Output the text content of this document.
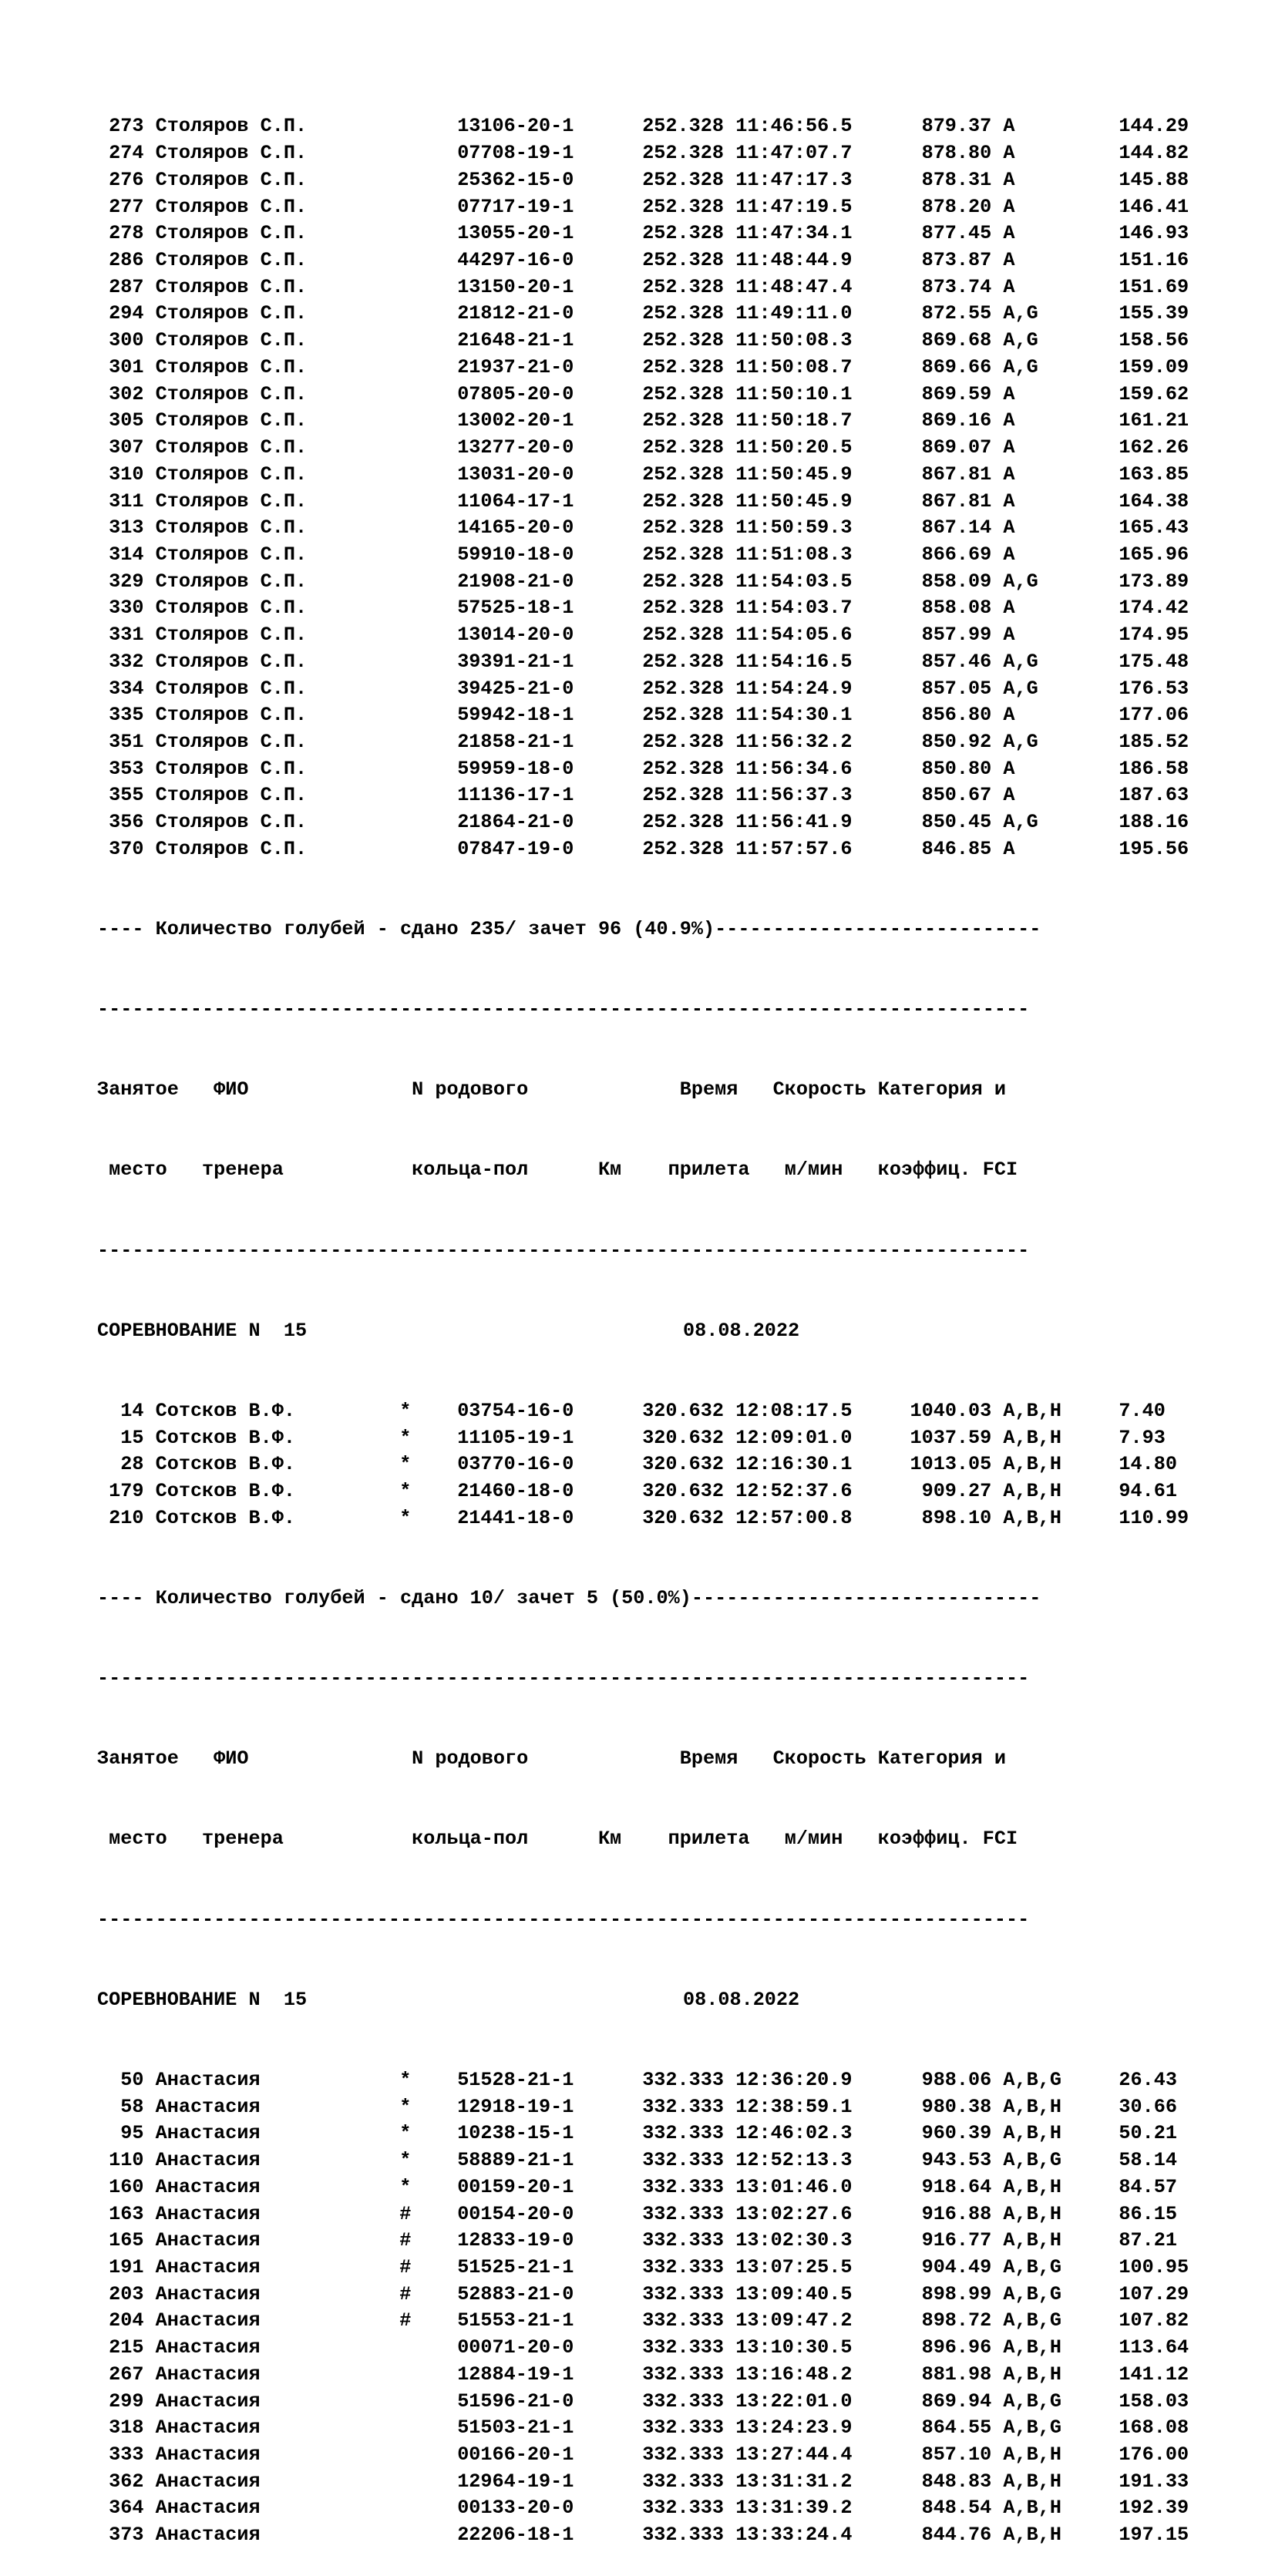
273 Столяров С.П.	13106-20-1	252.328 11:46:56.5	879.37 A	144.29
274 Столяров С.П.	07708-19-1	252.328 11:47:07.7	878.80 A	144.82
276 Столяров С.П.	25362-15-0	252.328 11:47:17.3	878.31 A	145.88
277 Столяров С.П.	07717-19-1	252.328 11:47:19.5	878.20 A	146.41
278 Столяров С.П.	13055-20-1	252.328 11:47:34.1	877.45 A	146.93
286 Столяров С.П.	44297-16-0	252.328 11:48:44.9	873.87 A	151.16
287 Столяров С.П.	13150-20-1	252.328 11:48:47.4	873.74 A	151.69
294 Столяров С.П.	21812-21-0	252.328 11:49:11.0	872.55 A,G	155.39
300 Столяров С.П.	21648-21-1	252.328 11:50:08.3	869.68 A,G	158.56
301 Столяров С.П.	21937-21-0	252.328 11:50:08.7	869.66 A,G	159.09
302 Столяров С.П.	07805-20-0	252.328 11:50:10.1	869.59 A	159.62
305 Столяров С.П.	13002-20-1	252.328 11:50:18.7	869.16 A	161.21
307 Столяров С.П.	13277-20-0	252.328 11:50:20.5	869.07 A	162.26
310 Столяров С.П.	13031-20-0	252.328 11:50:45.9	867.81 A	163.85
311 Столяров С.П.	11064-17-1	252.328 11:50:45.9	867.81 A	164.38
313 Столяров С.П.	14165-20-0	252.328 11:50:59.3	867.14 A	165.43
314 Столяров С.П.	59910-18-0	252.328 11:51:08.3	866.69 A	165.96
329 Столяров С.П.	21908-21-0	252.328 11:54:03.5	858.09 A,G	173.89
330 Столяров С.П.	57525-18-1	252.328 11:54:03.7	858.08 A	174.42
331 Столяров С.П.	13014-20-0	252.328 11:54:05.6	857.99 A	174.95
332 Столяров С.П.	39391-21-1	252.328 11:54:16.5	857.46 A,G	175.48
334 Столяров С.П.	39425-21-0	252.328 11:54:24.9	857.05 A,G	176.53
335 Столяров С.П.	59942-18-1	252.328 11:54:30.1	856.80 A	177.06
351 Столяров С.П.	21858-21-1	252.328 11:56:32.2	850.92 A,G	185.52
353 Столяров С.П.	59959-18-0	252.328 11:56:34.6	850.80 A	186.58
355 Столяров С.П.	11136-17-1	252.328 11:56:37.3	850.67 A	187.63
356 Столяров С.П.	21864-21-0	252.328 11:56:41.9	850.45 A,G	188.16
370 Столяров С.П.	07847-19-0	252.328 11:57:57.6	846.85 A	195.56

---- Количество голубей - сдано 235/ зачет 96 (40.9%)----------------------------

--------------------------------------------------------------------------------

Занятое   ФИО              N родового             Время   Скорость Категория и

место   тренера           кольца-пол      Км    прилета   м/мин   коэффиц. FCI

--------------------------------------------------------------------------------

СОРЕВНОВАНИЕ N  15	08.08.2022

14 Сотсков В.Ф.	* 03754-16-0	320.632 12:08:17.5	1040.03 A,B,H	7.40
15 Сотсков В.Ф.	* 11105-19-1	320.632 12:09:01.0	1037.59 A,B,H	7.93
28 Сотсков В.Ф.	* 03770-16-0	320.632 12:16:30.1	1013.05 A,B,H	14.80
179 Сотсков В.Ф.	* 21460-18-0	320.632 12:52:37.6	909.27 A,B,H	94.61
210 Сотсков В.Ф.	* 21441-18-0	320.632 12:57:00.8	898.10 A,B,H	110.99

---- Количество голубей - сдано 10/ зачет 5 (50.0%)------------------------------

--------------------------------------------------------------------------------

Занятое   ФИО              N родового             Время   Скорость Категория и

место   тренера           кольца-пол      Км    прилета   м/мин   коэффиц. FCI

--------------------------------------------------------------------------------

СОРЕВНОВАНИЕ N  15	08.08.2022

50 Анастасия	* 51528-21-1	332.333 12:36:20.9	988.06 A,B,G	26.43
58 Анастасия	* 12918-19-1	332.333 12:38:59.1	980.38 A,B,H	30.66
95 Анастасия	* 10238-15-1	332.333 12:46:02.3	960.39 A,B,H	50.21
110 Анастасия	* 58889-21-1	332.333 12:52:13.3	943.53 A,B,G	58.14
160 Анастасия	* 00159-20-1	332.333 13:01:46.0	918.64 A,B,H	84.57
163 Анастасия	# 00154-20-0	332.333 13:02:27.6	916.88 A,B,H	86.15
165 Анастасия	# 12833-19-0	332.333 13:02:30.3	916.77 A,B,H	87.21
191 Анастасия	# 51525-21-1	332.333 13:07:25.5	904.49 A,B,G	100.95
203 Анастасия	# 52883-21-0	332.333 13:09:40.5	898.99 A,B,G	107.29
204 Анастасия	# 51553-21-1	332.333 13:09:47.2	898.72 A,B,G	107.82
215 Анастасия	00071-20-0	332.333 13:10:30.5	896.96 A,B,H	113.64
267 Анастасия	12884-19-1	332.333 13:16:48.2	881.98 A,B,H	141.12
299 Анастасия	51596-21-0	332.333 13:22:01.0	869.94 A,B,G	158.03
318 Анастасия	51503-21-1	332.333 13:24:23.9	864.55 A,B,G	168.08
333 Анастасия	00166-20-1	332.333 13:27:44.4	857.10 A,B,H	176.00
362 Анастасия	12964-19-1	332.333 13:31:31.2	848.83 A,B,H	191.33
364 Анастасия	00133-20-0	332.333 13:31:39.2	848.54 A,B,H	192.39
373 Анастасия	22206-18-1	332.333 13:33:24.4	844.76 A,B,H	197.15
